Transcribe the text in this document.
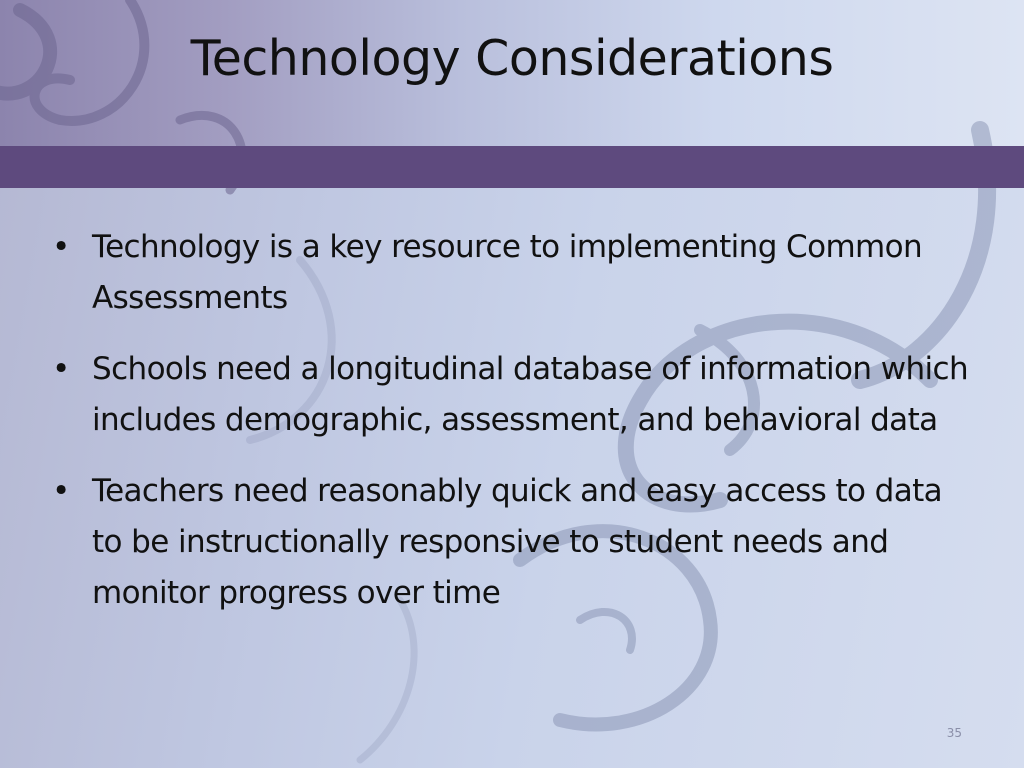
Technology Considerations
• Technology is a key resource to implementing Common Assessments
• Schools need a longitudinal database of information which includes demographic, assessment, and behavioral data
• Teachers need reasonably quick and easy access to data to be instructionally responsive to student needs and monitor progress over time
35
